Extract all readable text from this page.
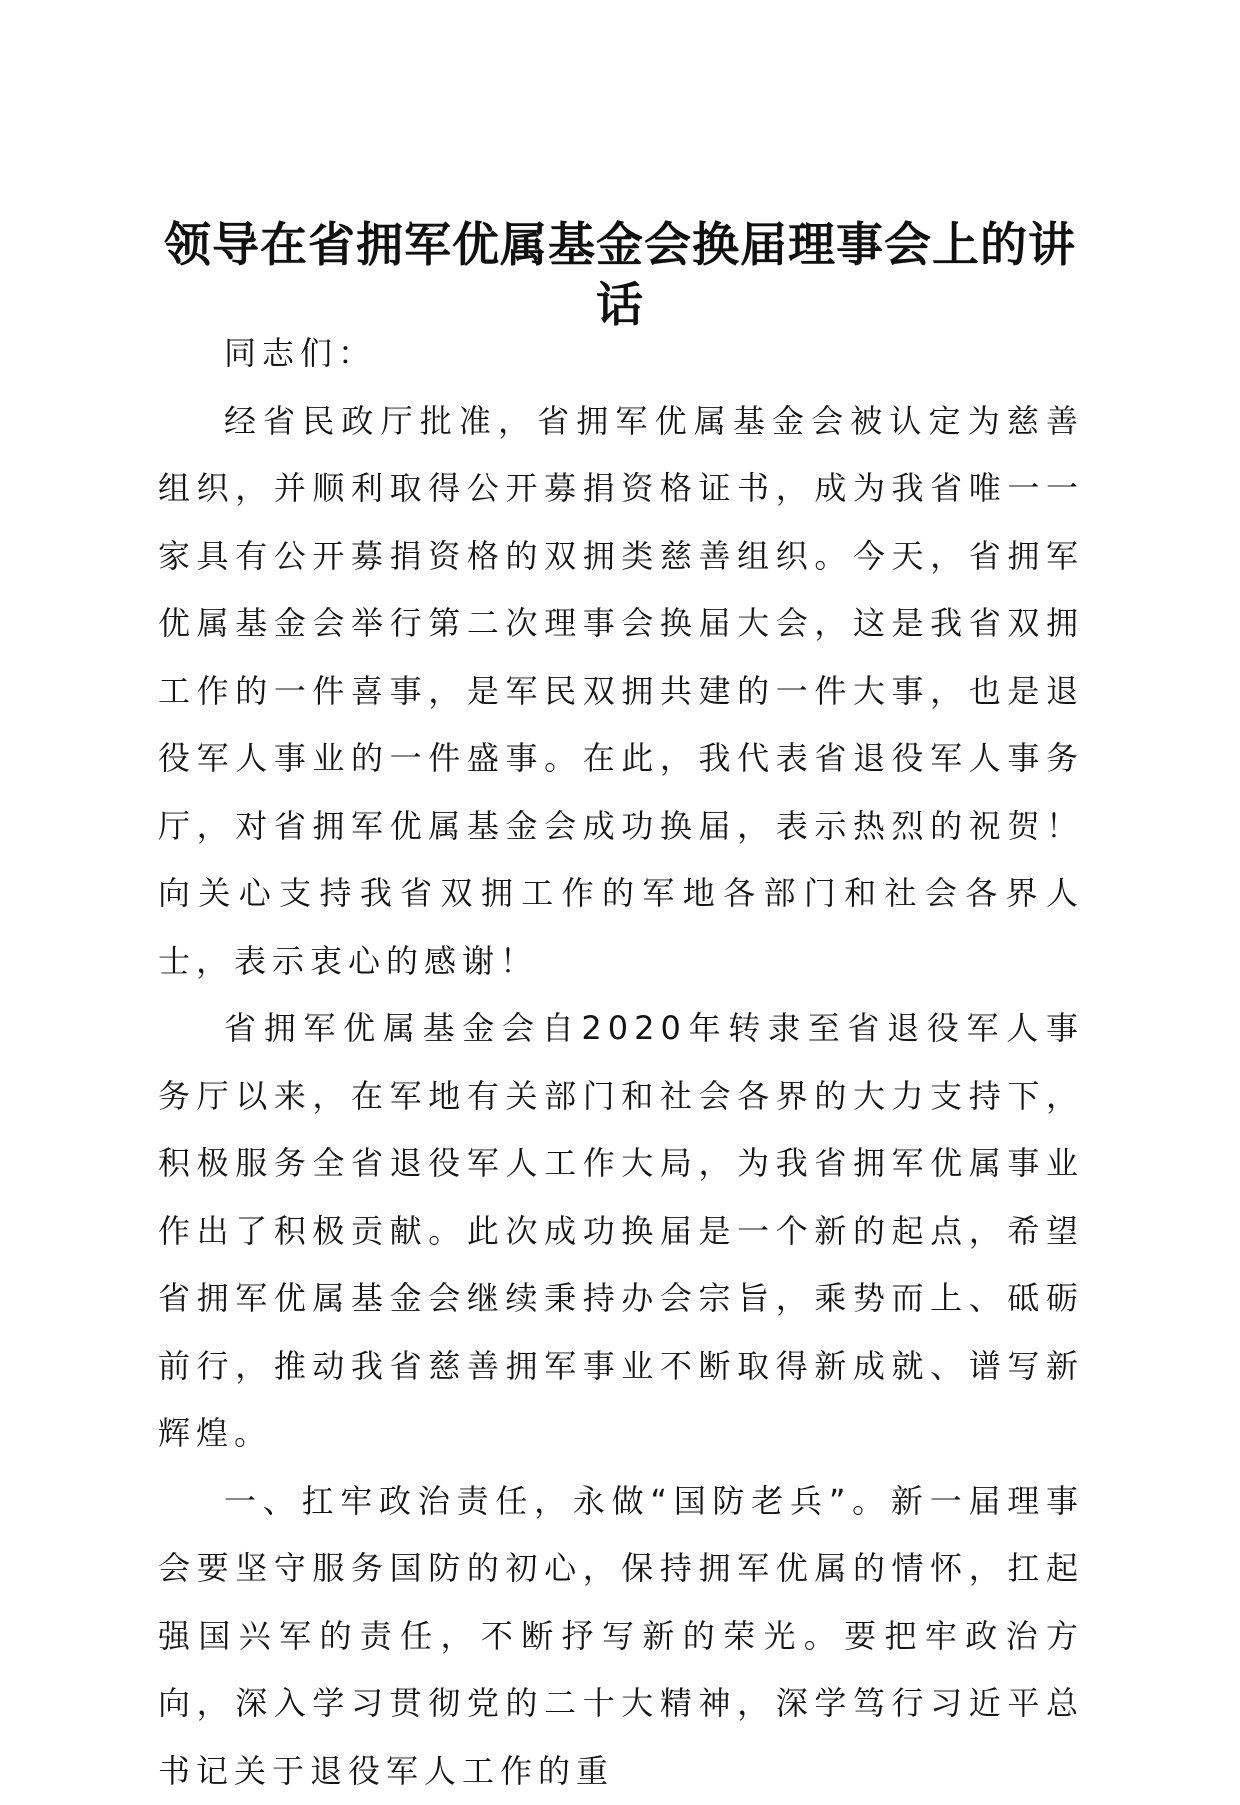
领导在省拥军优属基金会换届理事会上的讲话

同志们：

经省民政厅批准，省拥军优属基金会被认定为慈善组织，并顺利取得公开募捐资格证书，成为我省唯一一家具有公开募捐资格的双拥类慈善组织。今天，省拥军优属基金会举行第二次理事会换届大会，这是我省双拥工作的一件喜事，是军民双拥共建的一件大事，也是退役军人事业的一件盛事。在此，我代表省退役军人事务厅，对省拥军优属基金会成功换届，表示热烈的祝贺！向关心支持我省双拥工作的军地各部门和社会各界人士，表示衷心的感谢！

省拥军优属基金会自2020年转隶至省退役军人事务厅以来，在军地有关部门和社会各界的大力支持下，积极服务全省退役军人工作大局，为我省拥军优属事业作出了积极贡献。此次成功换届是一个新的起点，希望省拥军优属基金会继续秉持办会宗旨，乘势而上、砥砺前行，推动我省慈善拥军事业不断取得新成就、谱写新辉煌。

一、扛牢政治责任，永做“国防老兵”。新一届理事会要坚守服务国防的初心，保持拥军优属的情怀，扛起强国兴军的责任，不断抒写新的荣光。要把牢政治方向，深入学习贯彻党的二十大精神，深学笃行习近平总书记关于退役军人工作的重
